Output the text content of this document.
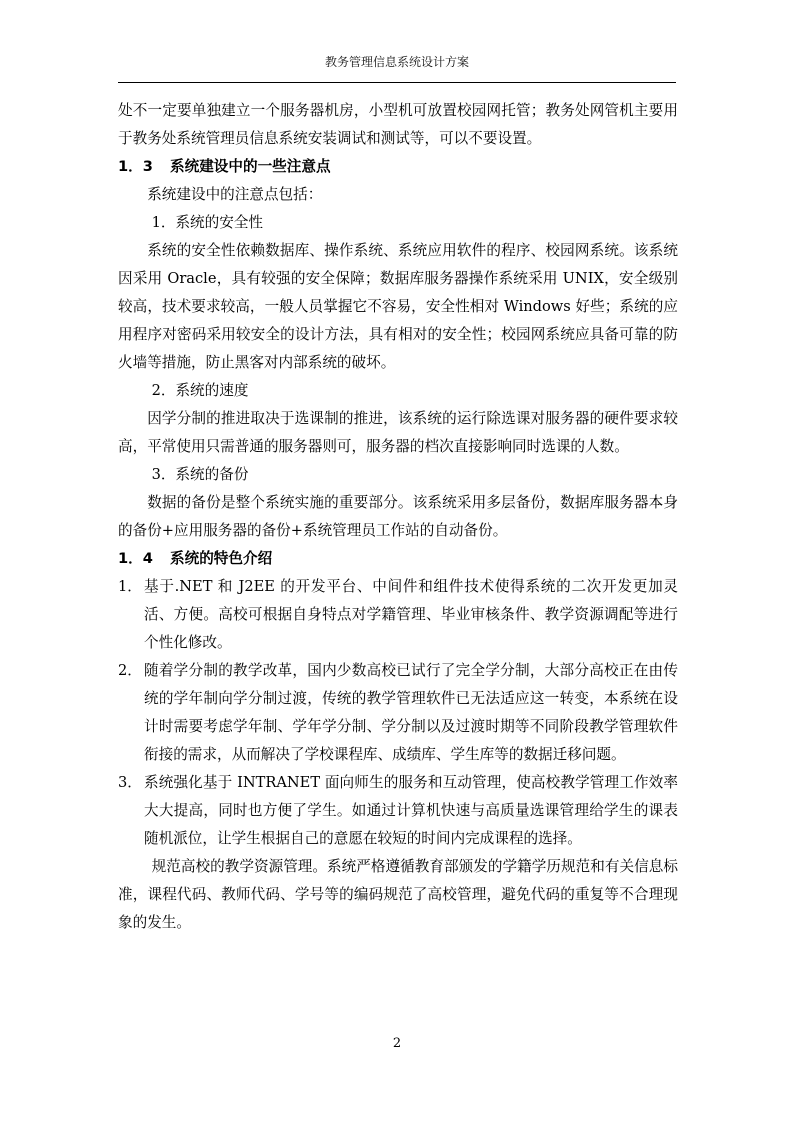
教务管理信息系统设计方案

处不一定要单独建立一个服务器机房，小型机可放置校园网托管；教务处网管机主要用于教务处系统管理员信息系统安装调试和测试等，可以不要设置。

1．3 系统建设中的一些注意点

系统建设中的注意点包括：

1．系统的安全性

系统的安全性依赖数据库、操作系统、系统应用软件的程序、校园网系统。该系统因采用 Oracle，具有较强的安全保障；数据库服务器操作系统采用 UNIX，安全级别较高，技术要求较高，一般人员掌握它不容易，安全性相对 Windows 好些；系统的应用程序对密码采用较安全的设计方法，具有相对的安全性；校园网系统应具备可靠的防火墙等措施，防止黑客对内部系统的破坏。

2．系统的速度

因学分制的推进取决于选课制的推进，该系统的运行除选课对服务器的硬件要求较高，平常使用只需普通的服务器则可，服务器的档次直接影响同时选课的人数。

3．系统的备份

数据的备份是整个系统实施的重要部分。该系统采用多层备份，数据库服务器本身的备份+应用服务器的备份+系统管理员工作站的自动备份。

1．4 系统的特色介绍

1． 基于.NET 和 J2EE 的开发平台、中间件和组件技术使得系统的二次开发更加灵活、方便。高校可根据自身特点对学籍管理、毕业审核条件、教学资源调配等进行个性化修改。
2． 随着学分制的教学改革，国内少数高校已试行了完全学分制，大部分高校正在由传统的学年制向学分制过渡，传统的教学管理软件已无法适应这一转变，本系统在设计时需要考虑学年制、学年学分制、学分制以及过渡时期等不同阶段教学管理软件衔接的需求，从而解决了学校课程库、成绩库、学生库等的数据迁移问题。
3． 系统强化基于 INTRANET 面向师生的服务和互动管理，使高校教学管理工作效率大大提高，同时也方便了学生。如通过计算机快速与高质量选课管理给学生的课表随机派位，让学生根据自己的意愿在较短的时间内完成课程的选择。

规范高校的教学资源管理。系统严格遵循教育部颁发的学籍学历规范和有关信息标准，课程代码、教师代码、学号等的编码规范了高校管理，避免代码的重复等不合理现象的发生。

2
